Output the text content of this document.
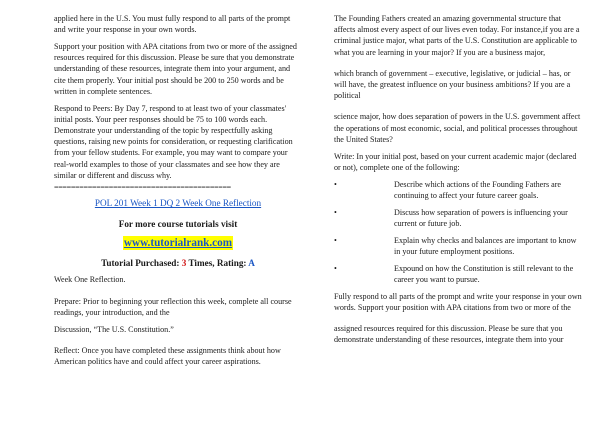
applied here in the U.S. You must fully respond to all parts of the prompt and write your response in your own words.

Support your position with APA citations from two or more of the assigned resources required for this discussion. Please be sure that you demonstrate understanding of these resources, integrate them into your argument, and cite them properly. Your initial post should be 200 to 250 words and be written in complete sentences.

Respond to Peers: By Day 7, respond to at least two of your classmates' initial posts. Your peer responses should be 75 to 100 words each. Demonstrate your understanding of the topic by respectfully asking questions, raising new points for consideration, or requesting clarification from your fellow students. For example, you may want to compare your real-world examples to those of your classmates and see how they are similar or different and discuss why.

==========================================
POL 201 Week 1 DQ 2 Week One Reflection

For more course tutorials visit

www.tutorialrank.com

Tutorial Purchased: 3 Times, Rating: A

Week One Reflection.

Prepare: Prior to beginning your reflection this week, complete all course readings, your introduction, and the

Discussion, “The U.S. Constitution.”

Reflect: Once you have completed these assignments think about how American politics have and could affect your career aspirations.

The Founding Fathers created an amazing governmental structure that affects almost every aspect of our lives even today. For instance,if you are a criminal justice major, what parts of the U.S. Constitution are applicable to what you are learning in your major? If you are a business major,

which branch of government – executive, legislative, or judicial – has, or will have, the greatest influence on your business ambitions? If you are a political

science major, how does separation of powers in the U.S. government affect the operations of most economic, social, and political processes throughout the United States?

Write: In your initial post, based on your current academic major (declared or not), complete one of the following:

•	Describe which actions of the Founding Fathers are continuing to affect your future career goals.

•	Discuss how separation of powers is influencing your current or future job.

•	Explain why checks and balances are important to know in your future employment positions.

•	Expound on how the Constitution is still relevant to the career you want to pursue.

Fully respond to all parts of the prompt and write your response in your own words. Support your position with APA citations from two or more of the

assigned resources required for this discussion. Please be sure that you demonstrate understanding of these resources, integrate them into your
